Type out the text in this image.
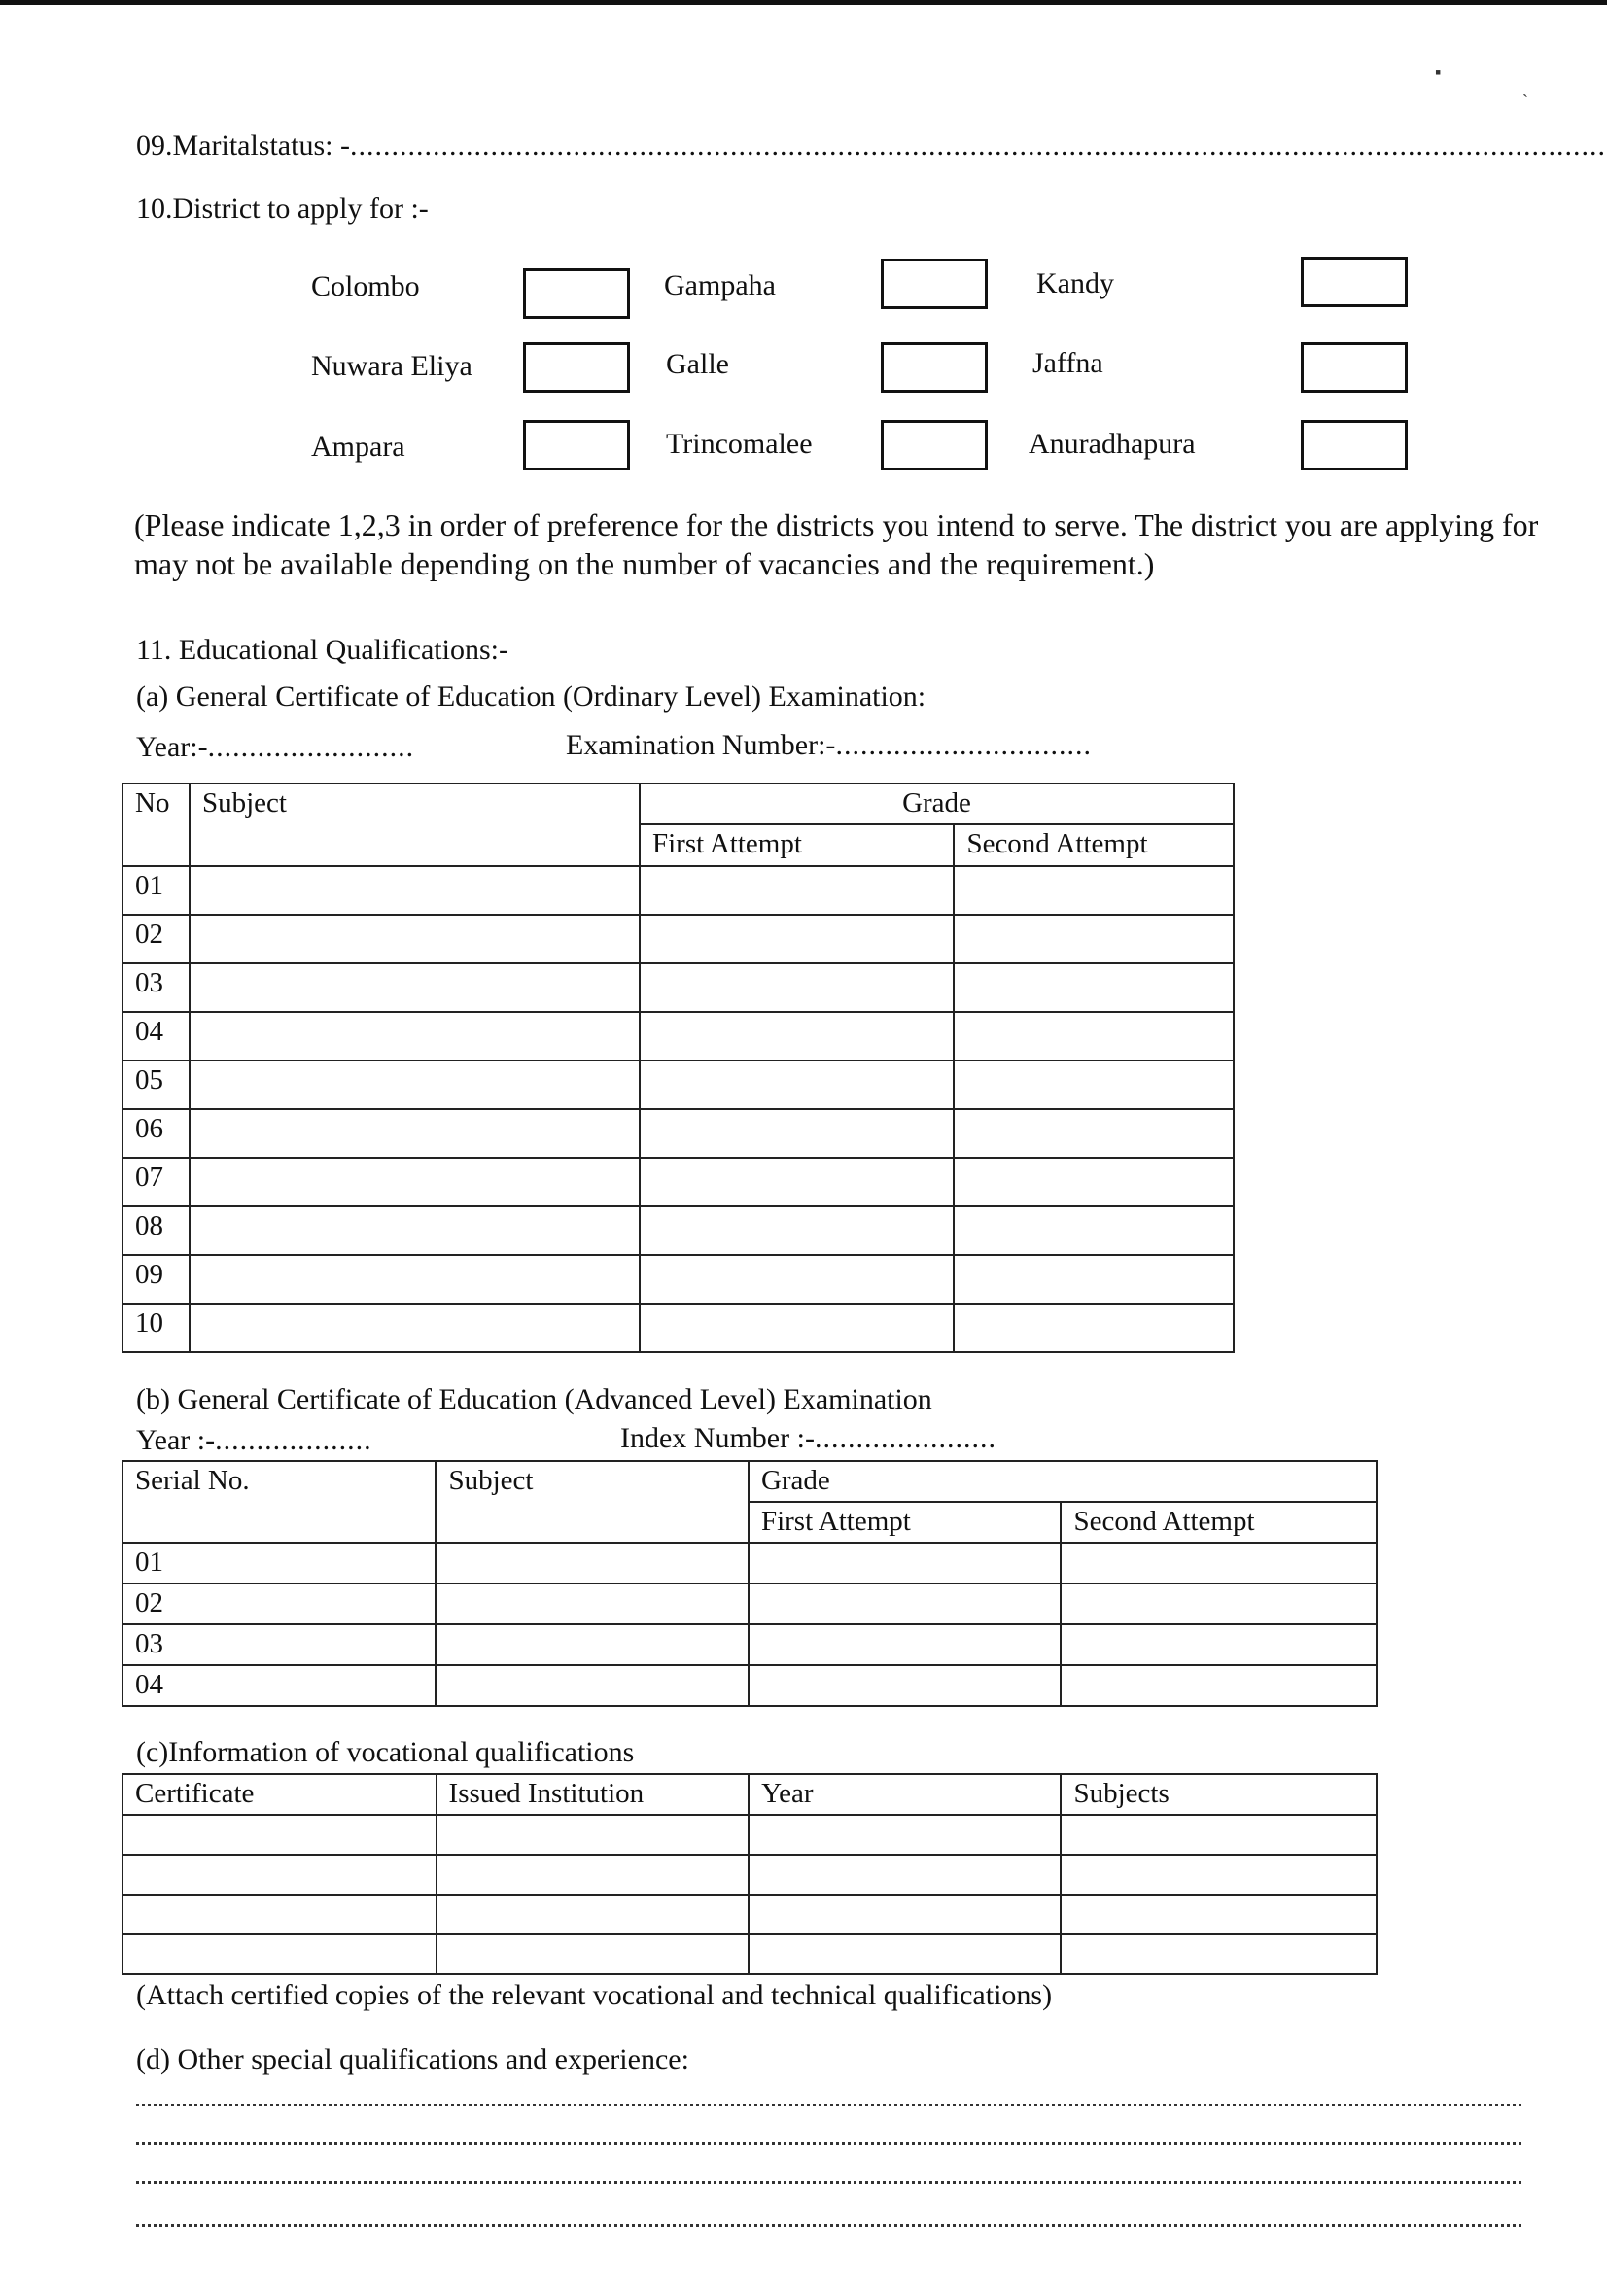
▪
ˏ
09.Maritalstatus: -........................................................................................................................................................
10.District to apply for :-
Colombo	Gampaha	Kandy
Nuwara Eliya	Galle	Jaffna
Ampara	Trincomalee	Anuradhapura
(Please indicate 1,2,3 in order of preference for the districts you intend to serve. The district you are applying for may not be available depending on the number of vacancies and the requirement.)
11. Educational Qualifications:-
(a) General Certificate of Education (Ordinary Level) Examination:
Year:-.........................	Examination Number:-...............................
No	Subject	Grade	
		First Attempt	Second Attempt
01			
02			
03			
04			
05			
06			
07			
08			
09			
10			
(b) General Certificate of Education (Advanced Level) Examination
Year :-...................	Index Number :-......................
Serial No.	Subject	Grade	
		First Attempt	Second Attempt
01			
02			
03			
04			
(c)Information of vocational qualifications
Certificate	Issued Institution	Year	Subjects

(Attach certified copies of the relevant vocational and technical qualifications)
(d) Other special qualifications and experience:
